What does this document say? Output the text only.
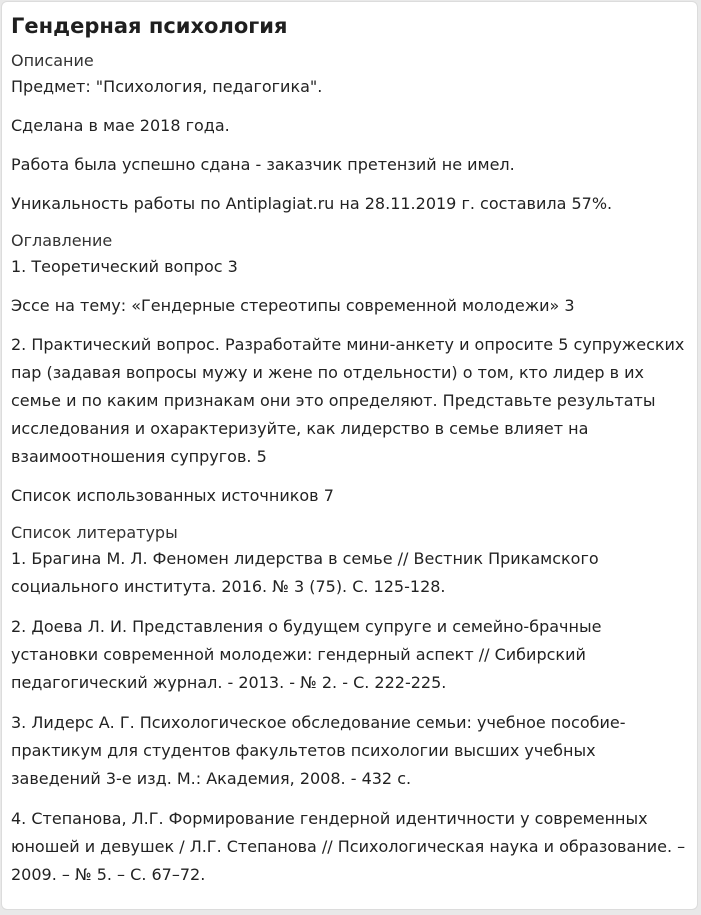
Гендерная психология
Описание

Предмет: "Психология, педагогика".

Сделана в мае 2018 года.

Работа была успешно сдана - заказчик претензий не имел.

Уникальность работы по Antiplagiat.ru на 28.11.2019 г. составила 57%.

Оглавление

1. Теоретический вопрос 3

Эссе на тему: «Гендерные стереотипы современной молодежи» 3

2. Практический вопрос. Разработайте мини-анкету и опросите 5 супружеских пар (задавая вопросы мужу и жене по отдельности) о том, кто лидер в их семье и по каким признакам они это определяют. Представьте результаты исследования и охарактеризуйте, как лидерство в семье влияет на взаимоотношения супругов. 5

Список использованных источников 7

Список литературы

1. Брагина М. Л. Феномен лидерства в семье // Вестник Прикамского социального института. 2016. № 3 (75). С. 125-128.

2. Доева Л. И. Представления о будущем супруге и семейно-брачные установки современной молодежи: гендерный аспект // Сибирский педагогический журнал. - 2013. - № 2. - С. 222-225.

3. Лидерс А. Г. Психологическое обследование семьи: учебное пособие-практикум для студентов факультетов психологии высших учебных заведений 3-е изд. М.: Академия, 2008. - 432 с.

4. Степанова, Л.Г. Формирование гендерной идентичности у современных юношей и девушек / Л.Г. Степанова // Психологическая наука и образование. – 2009. – № 5. – С. 67–72.
